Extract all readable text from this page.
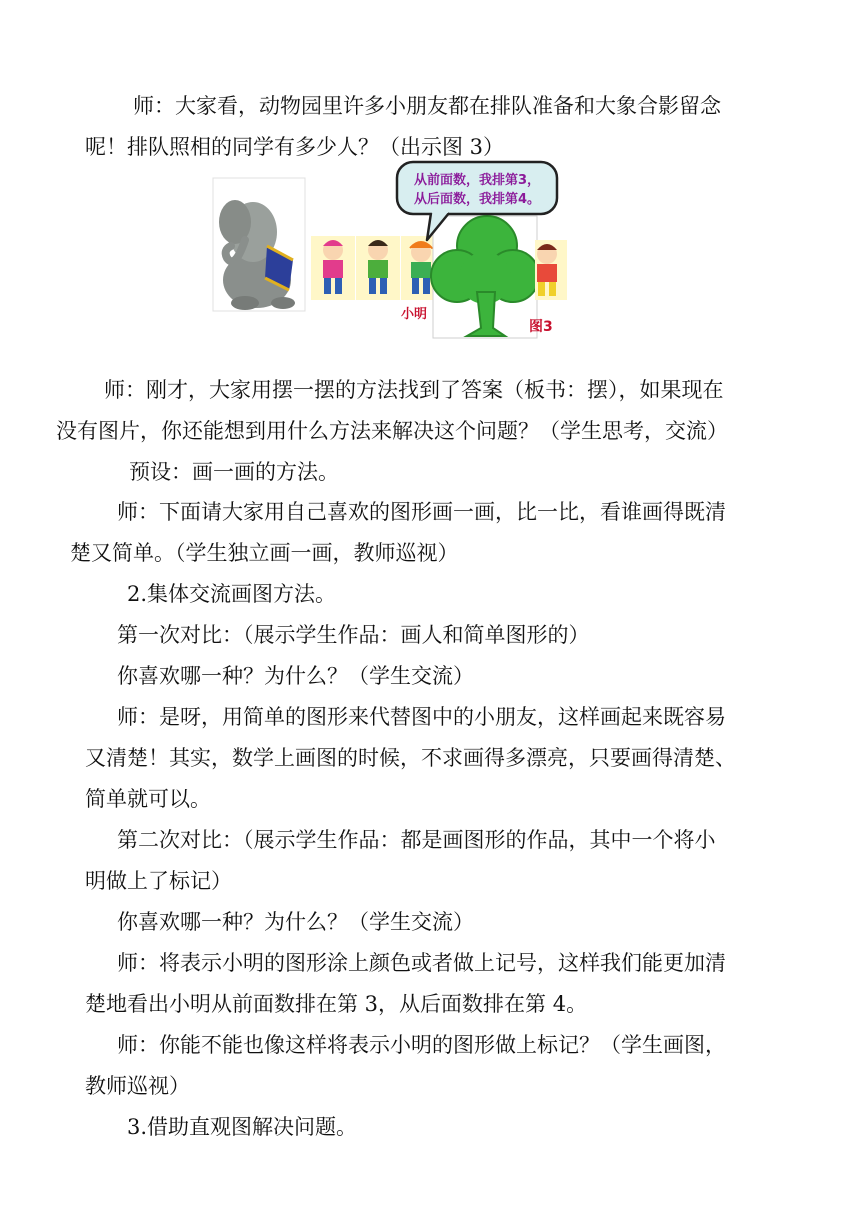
师：大家看，动物园里许多小朋友都在排队准备和大象合影留念
呢！排队照相的同学有多少人？（出示图 3）
从前面数，我排第3，
从后面数，我排第4。
小明
图3
师：刚才，大家用摆一摆的方法找到了答案（板书：摆），如果现在
没有图片，你还能想到用什么方法来解决这个问题？（学生思考，交流）
预设：画一画的方法。
师：下面请大家用自己喜欢的图形画一画，比一比，看谁画得既清
楚又简单。（学生独立画一画，教师巡视）
2.集体交流画图方法。
第一次对比：（展示学生作品：画人和简单图形的）
你喜欢哪一种？为什么？（学生交流）
师：是呀，用简单的图形来代替图中的小朋友，这样画起来既容易
又清楚！其实，数学上画图的时候，不求画得多漂亮，只要画得清楚、
简单就可以。
第二次对比：（展示学生作品：都是画图形的作品，其中一个将小
明做上了标记）
你喜欢哪一种？为什么？（学生交流）
师：将表示小明的图形涂上颜色或者做上记号，这样我们能更加清
楚地看出小明从前面数排在第 3，从后面数排在第 4。
师：你能不能也像这样将表示小明的图形做上标记？（学生画图，
教师巡视）
3.借助直观图解决问题。
